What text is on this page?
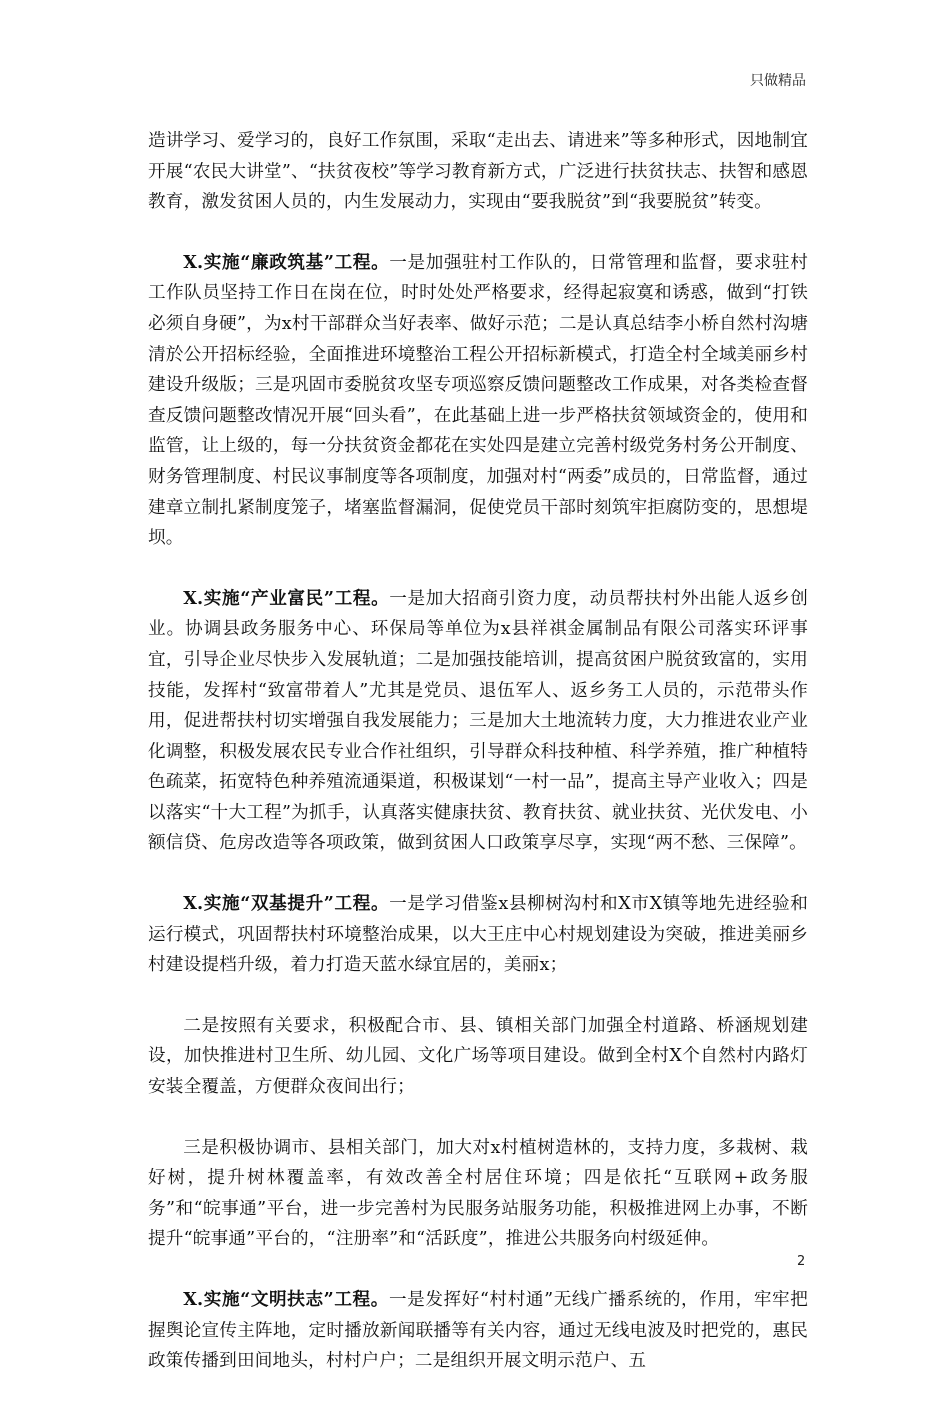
只做精品

造讲学习、爱学习的，良好工作氛围，采取“走出去、请进来”等多种形式，因地制宜开展“农民大讲堂”、“扶贫夜校”等学习教育新方式，广泛进行扶贫扶志、扶智和感恩教育，激发贫困人员的，内生发展动力，实现由“要我脱贫”到“我要脱贫”转变。

X.实施“廉政筑基”工程。一是加强驻村工作队的，日常管理和监督，要求驻村工作队员坚持工作日在岗在位，时时处处严格要求，经得起寂寞和诱惑，做到“打铁必须自身硬”，为x村干部群众当好表率、做好示范；二是认真总结李小桥自然村沟塘清於公开招标经验，全面推进环境整治工程公开招标新模式，打造全村全域美丽乡村建设升级版；三是巩固市委脱贫攻坚专项巡察反馈问题整改工作成果，对各类检查督查反馈问题整改情况开展“回头看”，在此基础上进一步严格扶贫领域资金的，使用和监管，让上级的，每一分扶贫资金都花在实处四是建立完善村级党务村务公开制度、财务管理制度、村民议事制度等各项制度，加强对村“两委”成员的，日常监督，通过建章立制扎紧制度笼子，堵塞监督漏洞，促使党员干部时刻筑牢拒腐防变的，思想堤坝。

X.实施“产业富民”工程。一是加大招商引资力度，动员帮扶村外出能人返乡创业。协调县政务服务中心、环保局等单位为x县祥祺金属制品有限公司落实环评事宜，引导企业尽快步入发展轨道；二是加强技能培训，提高贫困户脱贫致富的，实用技能，发挥村“致富带着人”尤其是党员、退伍军人、返乡务工人员的，示范带头作用，促进帮扶村切实增强自我发展能力；三是加大土地流转力度，大力推进农业产业化调整，积极发展农民专业合作社组织，引导群众科技种植、科学养殖，推广种植特色疏菜，拓宽特色种养殖流通渠道，积极谋划“一村一品”，提高主导产业收入；四是以落实“十大工程”为抓手，认真落实健康扶贫、教育扶贫、就业扶贫、光伏发电、小额信贷、危房改造等各项政策，做到贫困人口政策享尽享，实现“两不愁、三保障”。

X.实施“双基提升”工程。一是学习借鉴x县柳树沟村和X市X镇等地先进经验和运行模式，巩固帮扶村环境整治成果，以大王庄中心村规划建设为突破，推进美丽乡村建设提档升级，着力打造天蓝水绿宜居的，美丽x；

二是按照有关要求，积极配合市、县、镇相关部门加强全村道路、桥涵规划建设，加快推进村卫生所、幼儿园、文化广场等项目建设。做到全村X个自然村内路灯安装全覆盖，方便群众夜间出行；

三是积极协调市、县相关部门，加大对x村植树造林的，支持力度，多栽树、栽好树，提升树林覆盖率，有效改善全村居住环境；四是依托“互联网+政务服务”和“皖事通”平台，进一步完善村为民服务站服务功能，积极推进网上办事，不断提升“皖事通”平台的，“注册率”和“活跃度”，推进公共服务向村级延伸。

X.实施“文明扶志”工程。一是发挥好“村村通”无线广播系统的，作用，牢牢把握舆论宣传主阵地，定时播放新闻联播等有关内容，通过无线电波及时把党的，惠民政策传播到田间地头，村村户户；二是组织开展文明示范户、五

2
